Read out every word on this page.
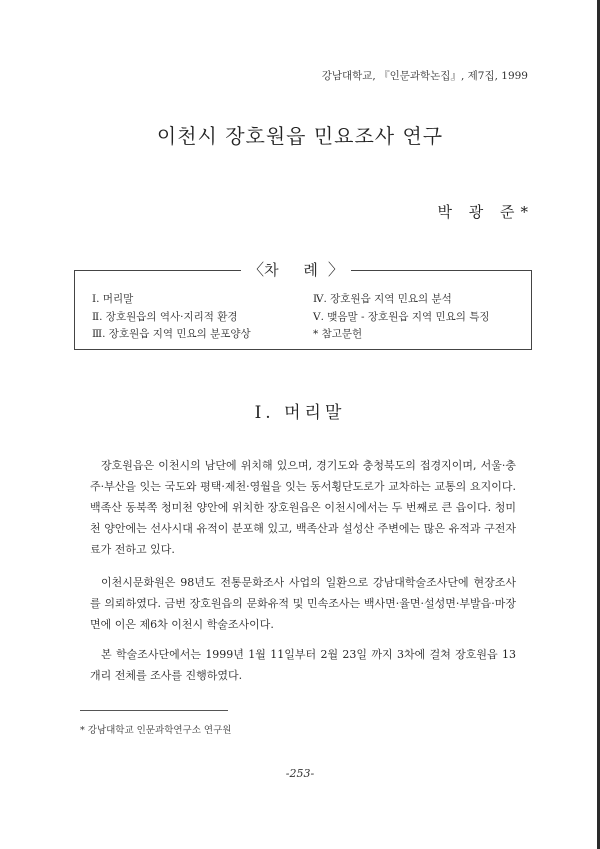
강남대학교, 『인문과학논집』, 제7집, 1999
이천시 장호원읍 민요조사 연구
박 광 준*
〈차 례〉
Ⅰ. 머리말
Ⅱ. 장호원읍의 역사·지리적 환경
Ⅲ. 장호원읍 지역 민요의 분포양상
Ⅳ. 장호원읍 지역 민요의 분석
Ⅴ. 맺음말 - 장호원읍 지역 민요의 특징
* 참고문헌
Ⅰ. 머리말

장호원읍은 이천시의 남단에 위치해 있으며, 경기도와 충청북도의 접경지이며, 서울·충주·부산을 잇는 국도와 평택·제천·영월을 잇는 동서횡단도로가 교차하는 교통의 요지이다. 백족산 동북쪽 청미천 양안에 위치한 장호원읍은 이천시에서는 두 번째로 큰 읍이다. 청미천 양안에는 선사시대 유적이 분포해 있고, 백족산과 설성산 주변에는 많은 유적과 구전자료가 전하고 있다.

이천시문화원은 98년도 전통문화조사 사업의 일환으로 강남대학술조사단에 현장조사를 의뢰하였다. 금번 장호원읍의 문화유적 및 민속조사는 백사면·율면·설성면·부발읍·마장면에 이은 제6차 이천시 학술조사이다.

본 학술조사단에서는 1999년 1월 11일부터 2월 23일 까지 3차에 걸쳐 장호원읍 13개리 전체를 조사를 진행하였다.

* 강남대학교 인문과학연구소 연구원
-253-
